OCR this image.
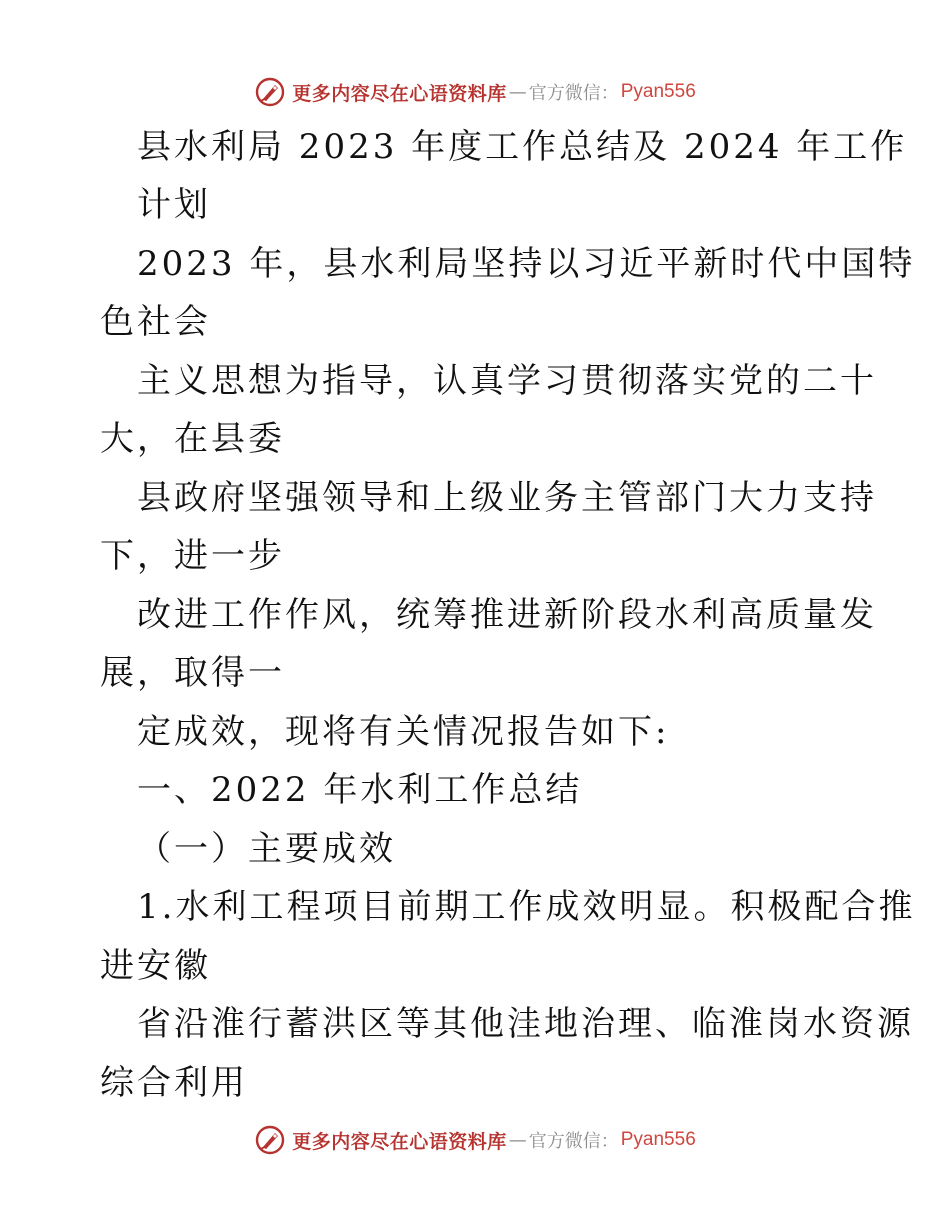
更多内容尽在心语资料库 — 官方微信： Pyan556
县水利局 2023 年度工作总结及 2024 年工作
计划
2023 年，县水利局坚持以习近平新时代中国特
色社会
主义思想为指导，认真学习贯彻落实党的二十
大，在县委
县政府坚强领导和上级业务主管部门大力支持
下，进一步
改进工作作风，统筹推进新阶段水利高质量发
展，取得一
定成效，现将有关情况报告如下:
一、2022 年水利工作总结
（一）主要成效
1.水利工程项目前期工作成效明显。积极配合推
进安徽
省沿淮行蓄洪区等其他洼地治理、临淮岗水资源
综合利用
更多内容尽在心语资料库 — 官方微信： Pyan556
